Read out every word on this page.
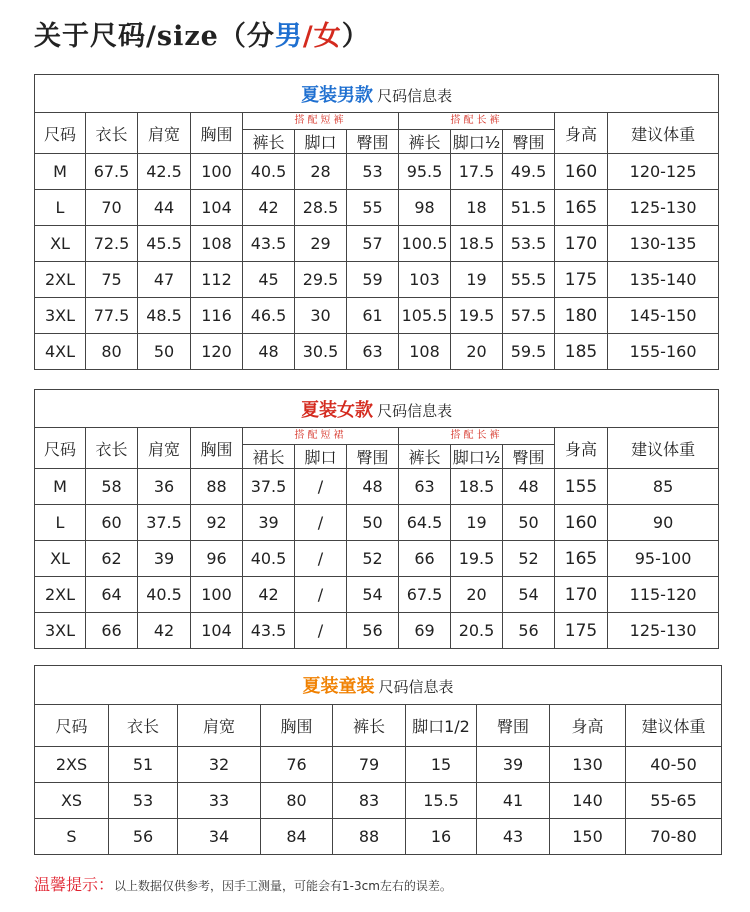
关于尺码/size（分男/女）
夏装男款 尺码信息表											
尺码	衣长	肩宽	胸围	搭配短裤			搭配长裤			身高	建议体重
				裤长	脚口	臀围	裤长	脚口½	臀围		
M	67.5	42.5	100	40.5	28	53	95.5	17.5	49.5	160	120-125
L	70	44	104	42	28.5	55	98	18	51.5	165	125-130
XL	72.5	45.5	108	43.5	29	57	100.5	18.5	53.5	170	130-135
2XL	75	47	112	45	29.5	59	103	19	55.5	175	135-140
3XL	77.5	48.5	116	46.5	30	61	105.5	19.5	57.5	180	145-150
4XL	80	50	120	48	30.5	63	108	20	59.5	185	155-160
夏装女款 尺码信息表											
尺码	衣长	肩宽	胸围	搭配短裙			搭配长裤			身高	建议体重
				裙长	脚口	臀围	裤长	脚口½	臀围		
M	58	36	88	37.5	/	48	63	18.5	48	155	85
L	60	37.5	92	39	/	50	64.5	19	50	160	90
XL	62	39	96	40.5	/	52	66	19.5	52	165	95-100
2XL	64	40.5	100	42	/	54	67.5	20	54	170	115-120
3XL	66	42	104	43.5	/	56	69	20.5	56	175	125-130
夏装童装 尺码信息表								
尺码	衣长	肩宽	胸围	裤长	脚口1/2	臀围	身高	建议体重
2XS	51	32	76	79	15	39	130	40-50
XS	53	33	80	83	15.5	41	140	55-65
S	56	34	84	88	16	43	150	70-80
温馨提示：以上数据仅供参考，因手工测量，可能会有1-3cm左右的误差。
